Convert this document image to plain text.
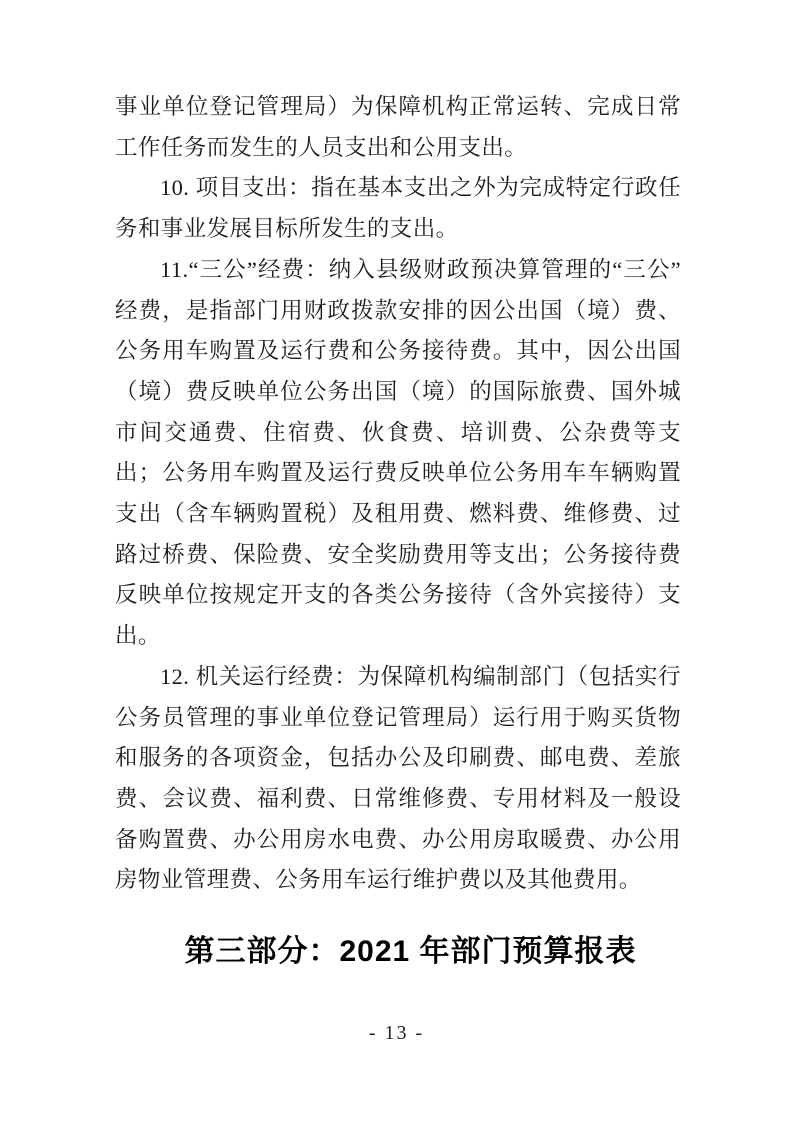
事业单位登记管理局）为保障机构正常运转、完成日常工作任务而发生的人员支出和公用支出。

10. 项目支出：指在基本支出之外为完成特定行政任务和事业发展目标所发生的支出。

11.“三公”经费：纳入县级财政预决算管理的“三公” 经费，是指部门用财政拨款安排的因公出国（境）费、公务用车购置及运行费和公务接待费。其中，因公出国（境）费反映单位公务出国（境）的国际旅费、国外城市间交通费、住宿费、伙食费、培训费、公杂费等支出；公务用车购置及运行费反映单位公务用车车辆购置支出（含车辆购置税）及租用费、燃料费、维修费、过路过桥费、保险费、安全奖励费用等支出；公务接待费反映单位按规定开支的各类公务接待（含外宾接待）支出。

12. 机关运行经费：为保障机构编制部门（包括实行公务员管理的事业单位登记管理局）运行用于购买货物和服务的各项资金，包括办公及印刷费、邮电费、差旅费、会议费、福利费、日常维修费、专用材料及一般设备购置费、办公用房水电费、办公用房取暖费、办公用房物业管理费、公务用车运行维护费以及其他费用。

第三部分：2021 年部门预算报表
- 13 -
